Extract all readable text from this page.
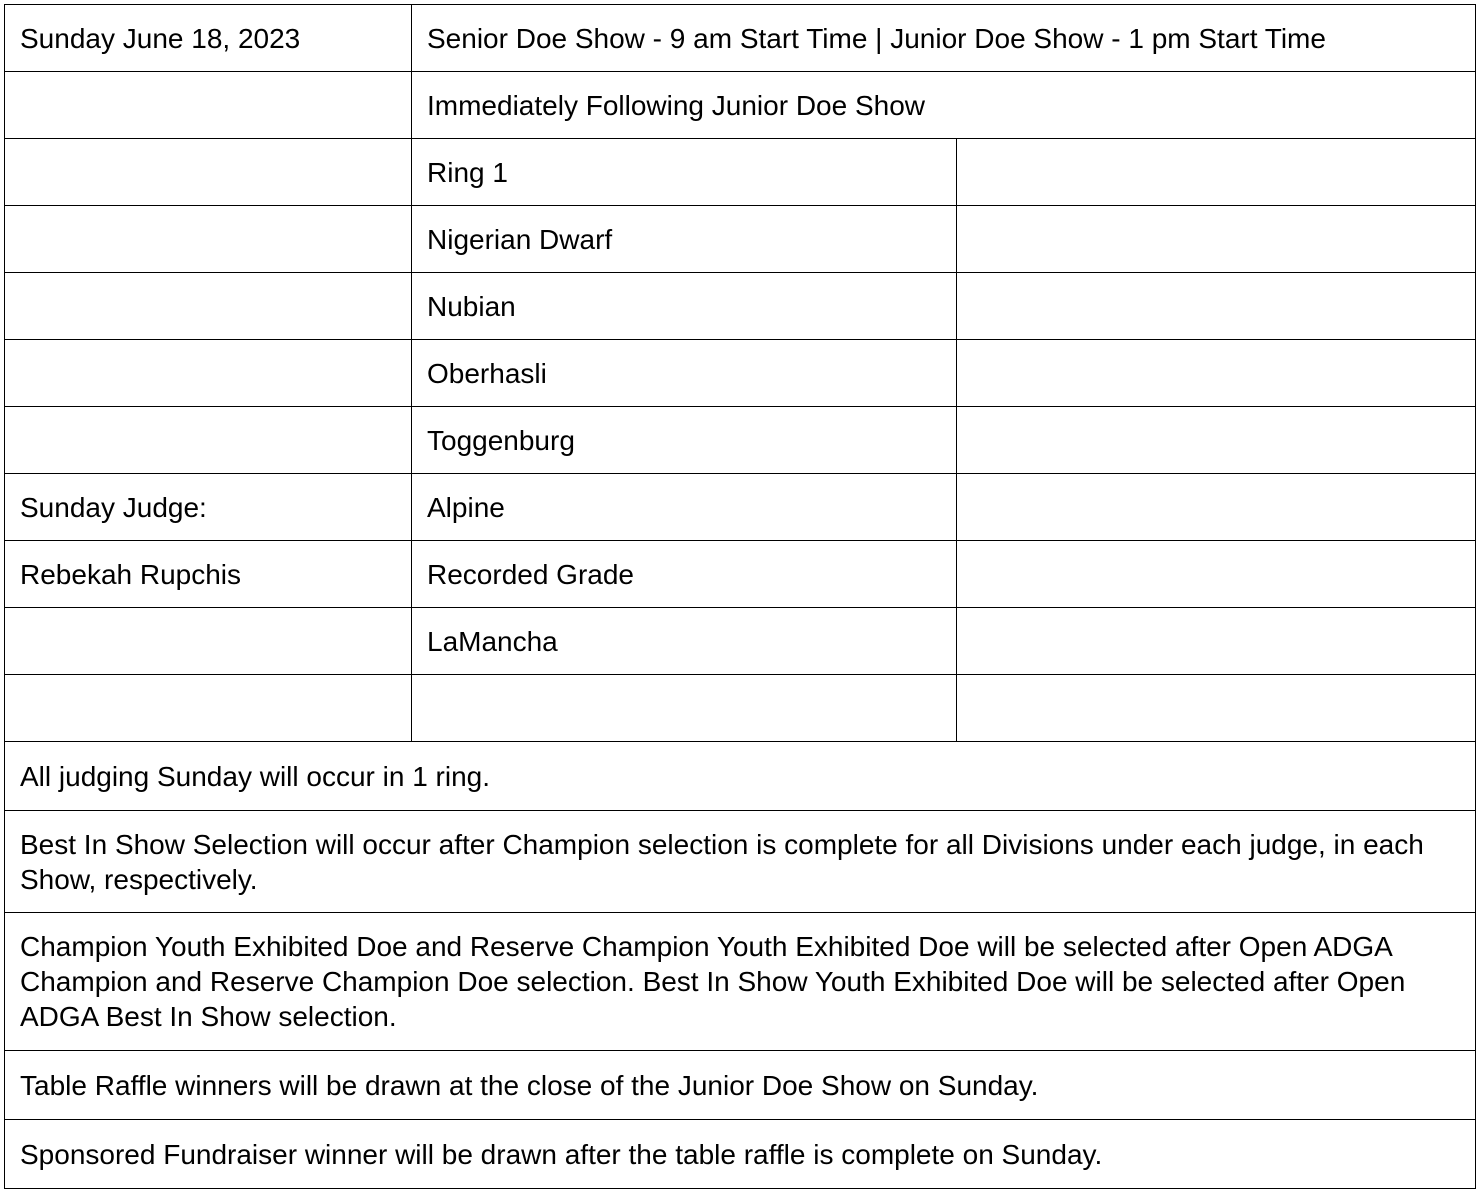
Sunday June 18, 2023	Senior Doe Show - 9 am Start Time | Junior Doe Show - 1 pm Start Time	
	Immediately Following Junior Doe Show	
	Ring 1	
	Nigerian Dwarf	
	Nubian	
	Oberhasli	
	Toggenburg	
Sunday Judge:	Alpine	
Rebekah Rupchis	Recorded Grade	
	LaMancha	

All judging Sunday will occur in 1 ring.		
Best In Show Selection will occur after Champion selection is complete for all Divisions under each judge, in each Show, respectively.		
Champion Youth Exhibited Doe and Reserve Champion Youth Exhibited Doe will be selected after Open ADGA Champion and Reserve Champion Doe selection. Best In Show Youth Exhibited Doe will be selected after Open ADGA Best In Show selection.		
Table Raffle winners will be drawn at the close of the Junior Doe Show on Sunday.		
Sponsored Fundraiser winner will be drawn after the table raffle is complete on Sunday.		
